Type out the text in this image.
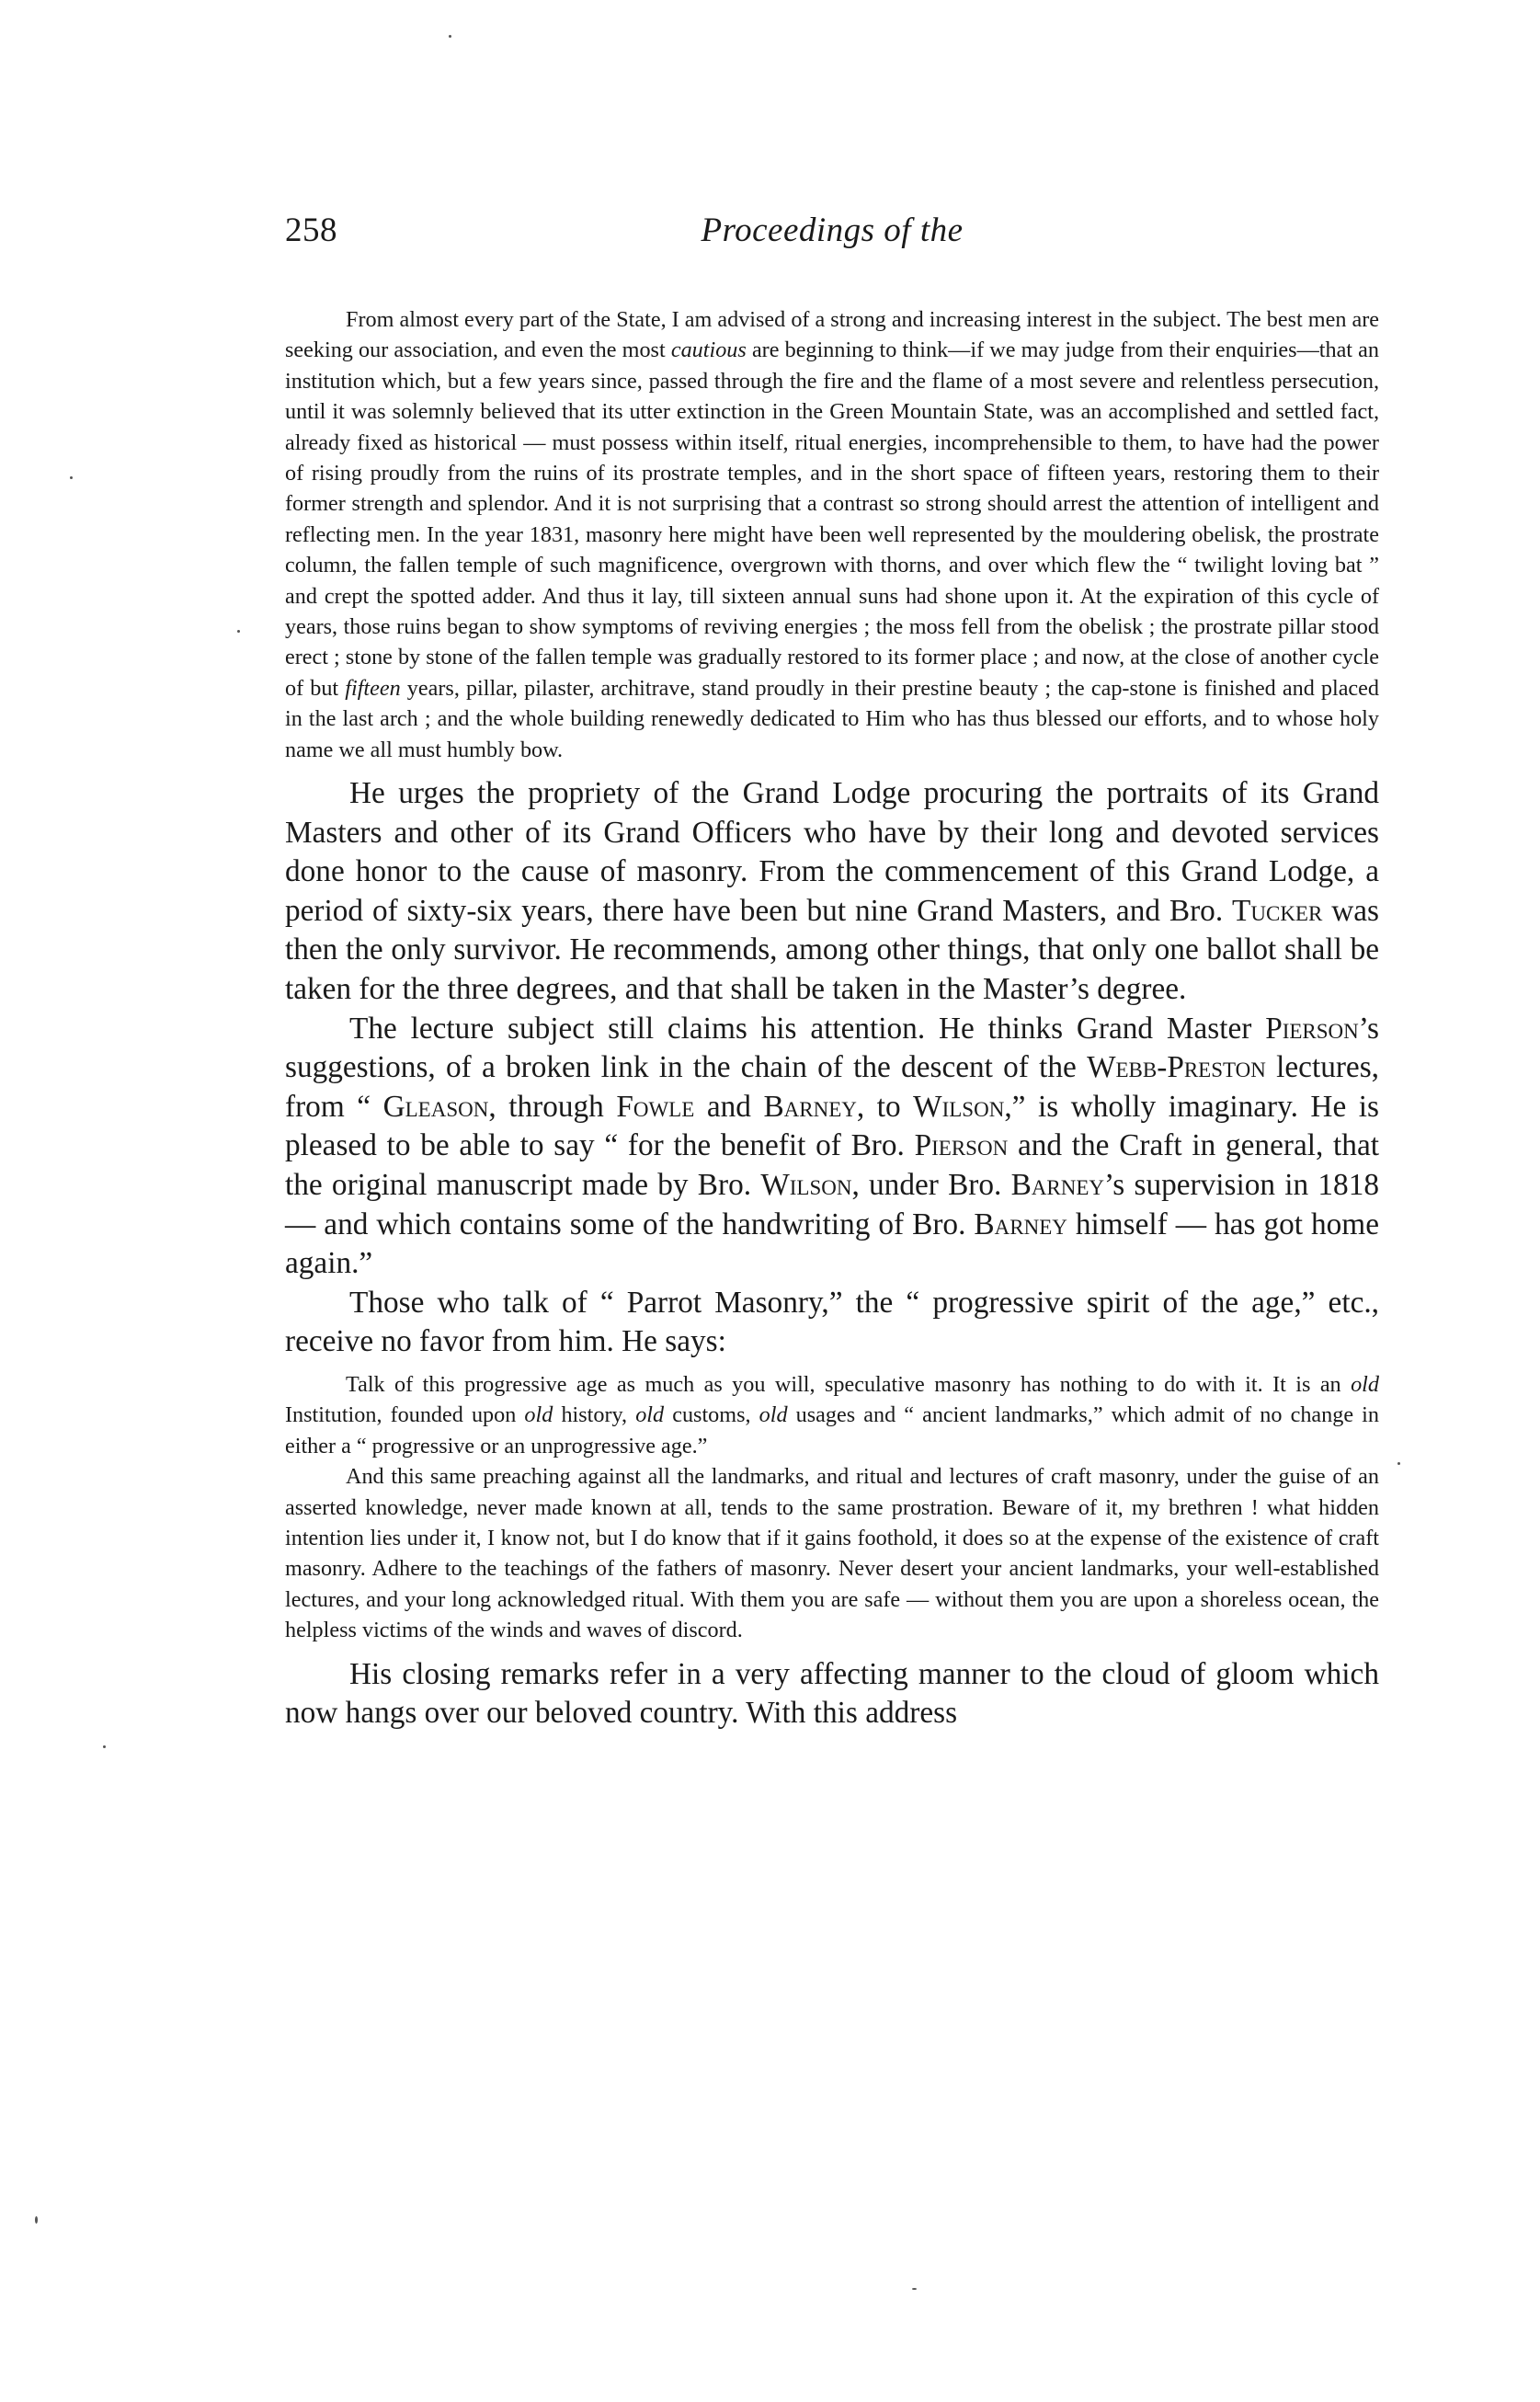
258	Proceedings of the

From almost every part of the State, I am advised of a strong and increasing interest in the subject. The best men are seeking our association, and even the most cautious are beginning to think—if we may judge from their enquiries—that an institution which, but a few years since, passed through the fire and the flame of a most severe and relentless persecution, until it was solemnly believed that its utter extinction in the Green Mountain State, was an accomplished and settled fact, already fixed as historical — must possess within itself, ritual energies, incomprehensible to them, to have had the power of rising proudly from the ruins of its prostrate temples, and in the short space of fifteen years, restoring them to their former strength and splendor. And it is not surprising that a contrast so strong should arrest the attention of intelligent and reflecting men. In the year 1831, masonry here might have been well represented by the mouldering obelisk, the prostrate column, the fallen temple of such magnificence, overgrown with thorns, and over which flew the “ twilight loving bat ” and crept the spotted adder. And thus it lay, till sixteen annual suns had shone upon it. At the expiration of this cycle of years, those ruins began to show symptoms of reviving energies ; the moss fell from the obelisk ; the prostrate pillar stood erect ; stone by stone of the fallen temple was gradually restored to its former place ; and now, at the close of another cycle of but fifteen years, pillar, pilaster, architrave, stand proudly in their prestine beauty ; the cap-stone is finished and placed in the last arch ; and the whole building renewedly dedicated to Him who has thus blessed our efforts, and to whose holy name we all must humbly bow.

He urges the propriety of the Grand Lodge procuring the portraits of its Grand Masters and other of its Grand Officers who have by their long and devoted services done honor to the cause of masonry. From the commencement of this Grand Lodge, a period of sixty-six years, there have been but nine Grand Masters, and Bro. Tucker was then the only survivor. He recommends, among other things, that only one ballot shall be taken for the three degrees, and that shall be taken in the Master’s degree.

The lecture subject still claims his attention. He thinks Grand Master Pierson’s suggestions, of a broken link in the chain of the descent of the Webb-Preston lectures, from “ Gleason, through Fowle and Barney, to Wilson,” is wholly imaginary. He is pleased to be able to say “ for the benefit of Bro. Pierson and the Craft in general, that the original manuscript made by Bro. Wilson, under Bro. Barney’s supervision in 1818 — and which contains some of the handwriting of Bro. Barney himself — has got home again.”

Those who talk of “ Parrot Masonry,” the “ progressive spirit of the age,” etc., receive no favor from him. He says:

Talk of this progressive age as much as you will, speculative masonry has nothing to do with it. It is an old Institution, founded upon old history, old customs, old usages and “ ancient landmarks,” which admit of no change in either a “ progressive or an unprogressive age.”

And this same preaching against all the landmarks, and ritual and lectures of craft masonry, under the guise of an asserted knowledge, never made known at all, tends to the same prostration. Beware of it, my brethren ! what hidden intention lies under it, I know not, but I do know that if it gains foothold, it does so at the expense of the existence of craft masonry. Adhere to the teachings of the fathers of masonry. Never desert your ancient landmarks, your well-established lectures, and your long acknowledged ritual. With them you are safe — without them you are upon a shoreless ocean, the helpless victims of the winds and waves of discord.

His closing remarks refer in a very affecting manner to the cloud of gloom which now hangs over our beloved country. With this address
